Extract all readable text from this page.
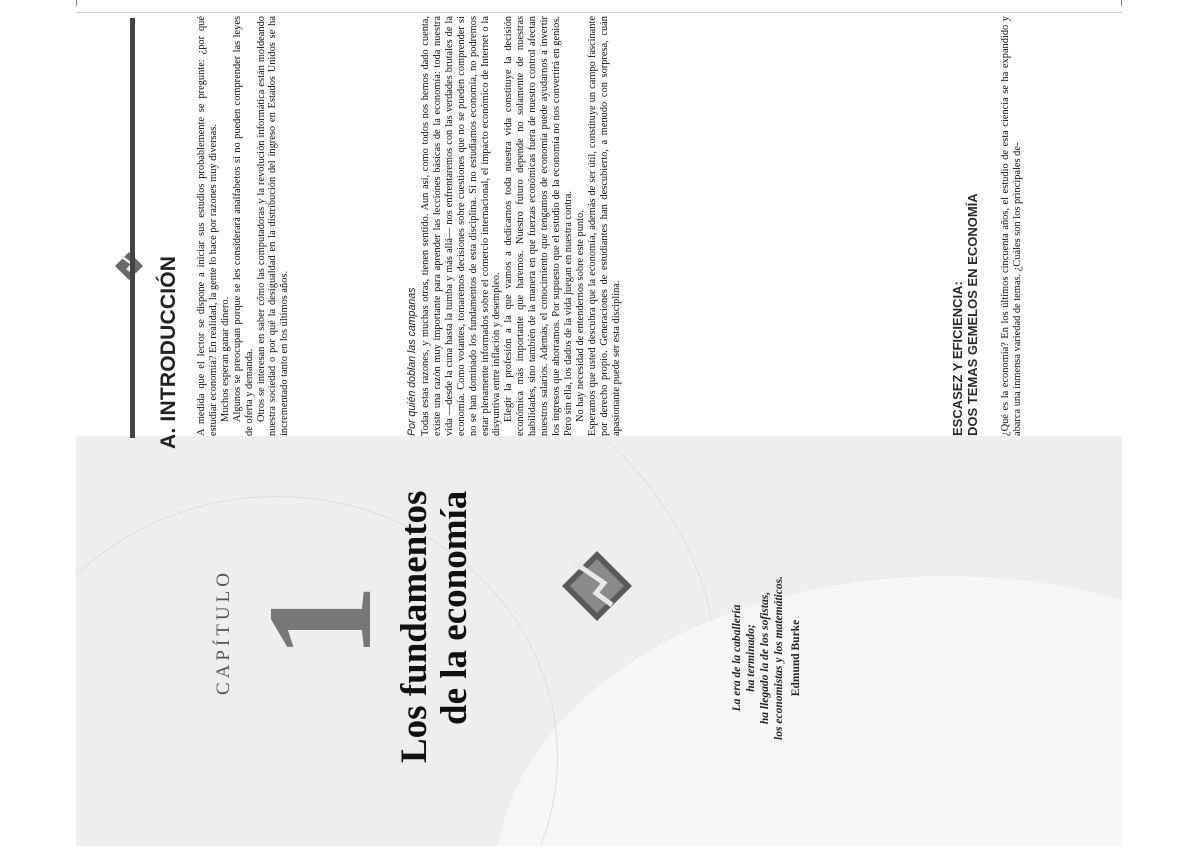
CAPÍTULO 1
Los fundamentos de la economía	La era de la caballería ha terminado; ha llegado la de los sofistas, los economistas y los matemáticos. Edmund Burke
A. INTRODUCCIÓN A medida que el lector se dispone a iniciar sus estudios probablemente se pregunte: ¿por qué estudiar economía? En realidad, la gente lo hace por razones muy diversas. Muchos esperan ganar dinero. Algunos se preocupan porque se les considerará analfabetos si no pueden comprender las leyes de oferta y demanda. Otros se interesan en saber cómo las computadoras y la revolución informática están moldeando nuestra sociedad o por qué la desigualdad en la distribución del ingreso en Estados Unidos se ha incrementado tanto en los últimos años.	Por quién doblan las campanas Todas estas razones, y muchas otras, tienen sentido. Aun así, como todos nos hemos dado cuenta, existe una razón muy importante para aprender las lecciones básicas de la economía: toda nuestra vida —desde la cuna hasta la tumba y más allá— nos enfrentaremos con las verdades brutales de la economía. Como votantes, tomaremos decisiones sobre cuestiones que no se pueden comprender si no se han dominado los fundamentos de esta disciplina. Si no estudiamos economía, no podremos estar plenamente informados sobre el comercio internacional, el impacto económico de Internet o la disyuntiva entre inflación y desempleo. Elegir la profesión a la que vamos a dedicarnos toda nuestra vida constituye la decisión económica más importante que haremos. Nuestro futuro depende no solamente de nuestras habilidades, sino también de la manera en que fuerzas económicas fuera de nuestro control afectan nuestros salarios. Además, el conocimiento que tengamos de economía puede ayudarnos a invertir los ingresos que ahorramos. Por supuesto que el estudio de la economía no nos convertirá en genios. Pero sin ella, los dados de la vida juegan en nuestra contra. No hay necesidad de entendernos sobre este punto. Esperamos que usted descubra que la economía, además de ser útil, constituye un campo fascinante por derecho propio. Generaciones de estudiantes han descubierto, a menudo con sorpresa, cuán apasionante puede ser esta disciplina.	ESCASEZ Y EFICIENCIA: DOS TEMAS GEMELOS EN ECONOMÍA ¿Qué es la economía? En los últimos cincuenta años, el estudio de esta ciencia se ha expandido y abarca una inmensa variedad de temas. ¿Cuáles son los principales de-
